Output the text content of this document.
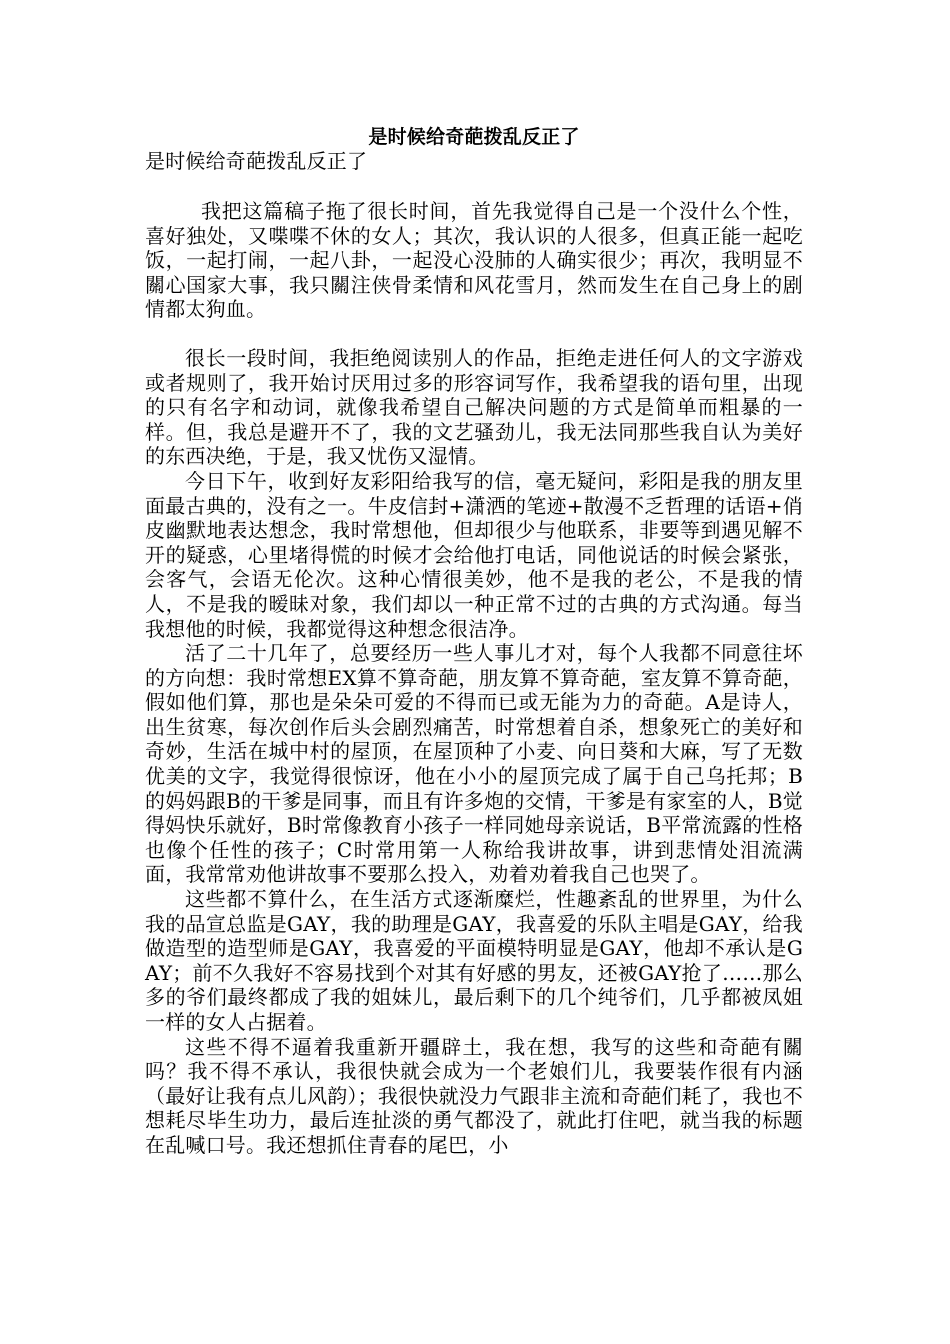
是时候给奇葩拨乱反正了

是时候给奇葩拨乱反正了

我把这篇稿子拖了很长时间，首先我觉得自己是一个没什么个性，喜好独处，又喋喋不休的女人；其次，我认识的人很多，但真正能一起吃饭，一起打闹，一起八卦，一起没心没肺的人确实很少；再次，我明显不關心国家大事，我只關注侠骨柔情和风花雪月，然而发生在自己身上的剧情都太狗血。

很长一段时间，我拒绝阅读别人的作品，拒绝走进任何人的文字游戏或者规则了，我开始讨厌用过多的形容词写作，我希望我的语句里，出现的只有名字和动词，就像我希望自己解决问题的方式是简单而粗暴的一样。但，我总是避开不了，我的文艺骚劲儿，我无法同那些我自认为美好的东西决绝，于是，我又忧伤又湿情。

今日下午，收到好友彩阳给我写的信，毫无疑问，彩阳是我的朋友里面最古典的，没有之一。牛皮信封+潇洒的笔迹+散漫不乏哲理的话语+俏皮幽默地表达想念，我时常想他，但却很少与他联系，非要等到遇见解不开的疑惑，心里堵得慌的时候才会给他打电话，同他说话的时候会紧张，会客气，会语无伦次。这种心情很美妙，他不是我的老公，不是我的情人，不是我的暧昧对象，我们却以一种正常不过的古典的方式沟通。每当我想他的时候，我都觉得这种想念很洁净。

活了二十几年了，总要经历一些人事儿才对，每个人我都不同意往坏的方向想：我时常想EX算不算奇葩，朋友算不算奇葩，室友算不算奇葩，假如他们算，那也是朵朵可爱的不得而已或无能为力的奇葩。A是诗人，出生贫寒，每次创作后头会剧烈痛苦，时常想着自杀，想象死亡的美好和奇妙，生活在城中村的屋顶，在屋顶种了小麦、向日葵和大麻，写了无数优美的文字，我觉得很惊讶，他在小小的屋顶完成了属于自己乌托邦；B的妈妈跟B的干爹是同事，而且有许多炮的交情，干爹是有家室的人，B觉得妈快乐就好，B时常像教育小孩子一样同她母亲说话，B平常流露的性格也像个任性的孩子；C时常用第一人称给我讲故事，讲到悲情处泪流满面，我常常劝他讲故事不要那么投入，劝着劝着我自己也哭了。

这些都不算什么，在生活方式逐渐糜烂，性趣紊乱的世界里，为什么我的品宣总监是GAY，我的助理是GAY，我喜爱的乐队主唱是GAY，给我做造型的造型师是GAY，我喜爱的平面模特明显是GAY，他却不承认是GAY；前不久我好不容易找到个对其有好感的男友，还被GAY抢了……那么多的爷们最终都成了我的姐妹儿，最后剩下的几个纯爷们，几乎都被凤姐一样的女人占据着。

这些不得不逼着我重新开疆辟土，我在想，我写的这些和奇葩有關吗？我不得不承认，我很快就会成为一个老娘们儿，我要装作很有内涵（最好让我有点儿风韵）；我很快就没力气跟非主流和奇葩们耗了，我也不想耗尽毕生功力，最后连扯淡的勇气都没了，就此打住吧，就当我的标题在乱喊口号。我还想抓住青春的尾巴，小
